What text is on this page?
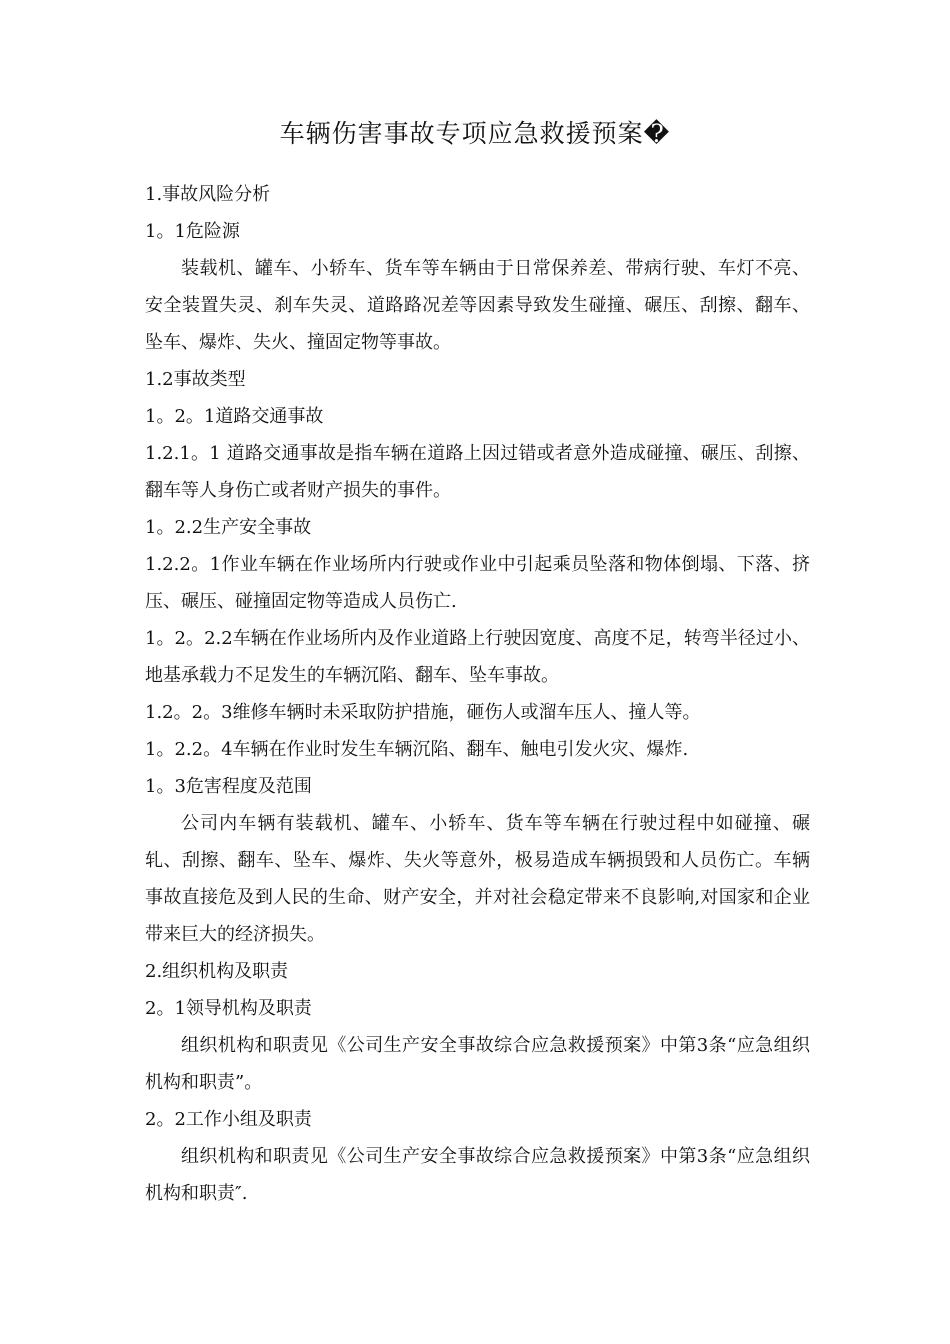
车辆伤害事故专项应急救援预案�

1.事故风险分析

1。1危险源

装载机、罐车、小轿车、货车等车辆由于日常保养差、带病行驶、车灯不亮、安全装置失灵、刹车失灵、道路路况差等因素导致发生碰撞、碾压、刮擦、翻车、坠车、爆炸、失火、撞固定物等事故。

1.2事故类型

1。2。1道路交通事故

1.2.1。1 道路交通事故是指车辆在道路上因过错或者意外造成碰撞、碾压、刮擦、翻车等人身伤亡或者财产损失的事件。

1。2.2生产安全事故

1.2.2。1作业车辆在作业场所内行驶或作业中引起乘员坠落和物体倒塌、下落、挤压、碾压、碰撞固定物等造成人员伤亡.

1。2。2.2车辆在作业场所内及作业道路上行驶因宽度、高度不足，转弯半径过小、地基承载力不足发生的车辆沉陷、翻车、坠车事故。

1.2。2。3维修车辆时未采取防护措施，砸伤人或溜车压人、撞人等。

1。2.2。4车辆在作业时发生车辆沉陷、翻车、触电引发火灾、爆炸.

1。3危害程度及范围

公司内车辆有装载机、罐车、小轿车、货车等车辆在行驶过程中如碰撞、碾轧、刮擦、翻车、坠车、爆炸、失火等意外，极易造成车辆损毁和人员伤亡。车辆事故直接危及到人民的生命、财产安全，并对社会稳定带来不良影响,对国家和企业带来巨大的经济损失。

2.组织机构及职责

2。1领导机构及职责

组织机构和职责见《公司生产安全事故综合应急救援预案》中第3条“应急组织机构和职责”。

2。2工作小组及职责

组织机构和职责见《公司生产安全事故综合应急救援预案》中第3条“应急组织机构和职责″.
